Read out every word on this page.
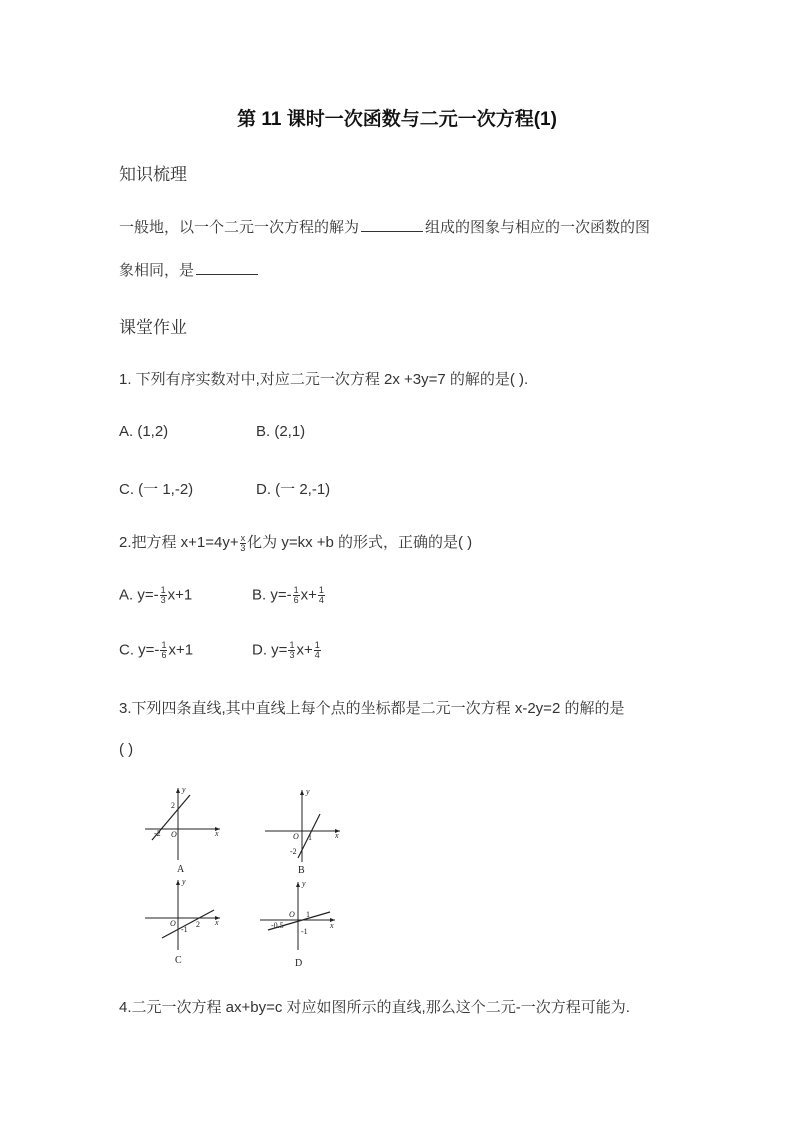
第 11 课时一次函数与二元一次方程(1)
知识梳理
一般地，以一个二元一次方程的解为	组成的图象与相应的一次函数的图
象相同，是
课堂作业
1. 下列有序实数对中,对应二元一次方程 2x +3y=7 的解的是( ).
A. (1,2)	B. (2,1)
C. (一 1,-2)	D. (一 2,-1)
2.把方程 $x+1=4y+ \frac{x}{3}$ 化为 y=kx +b 的形式，正确的是( )
A. $y=- \frac{1}{3} x+1$	B. $y=- \frac{1}{6} x+ \frac{1}{4}$
C. $y=- \frac{1}{6} x+1$	D. $y= \frac{1}{3} x+ \frac{1}{4}$
3.下列四条直线,其中直线上每个点的坐标都是二元一次方程 x-2y=2 的解的是
( )
y
x
2
-2 O
A
y
x
O 1
-2
B
y
x
O	2
-1
C
y
x
O 1
-0.5
-1
D
4.二元一次方程 ax+by=c 对应如图所示的直线,那么这个二元-一次方程可能为.
